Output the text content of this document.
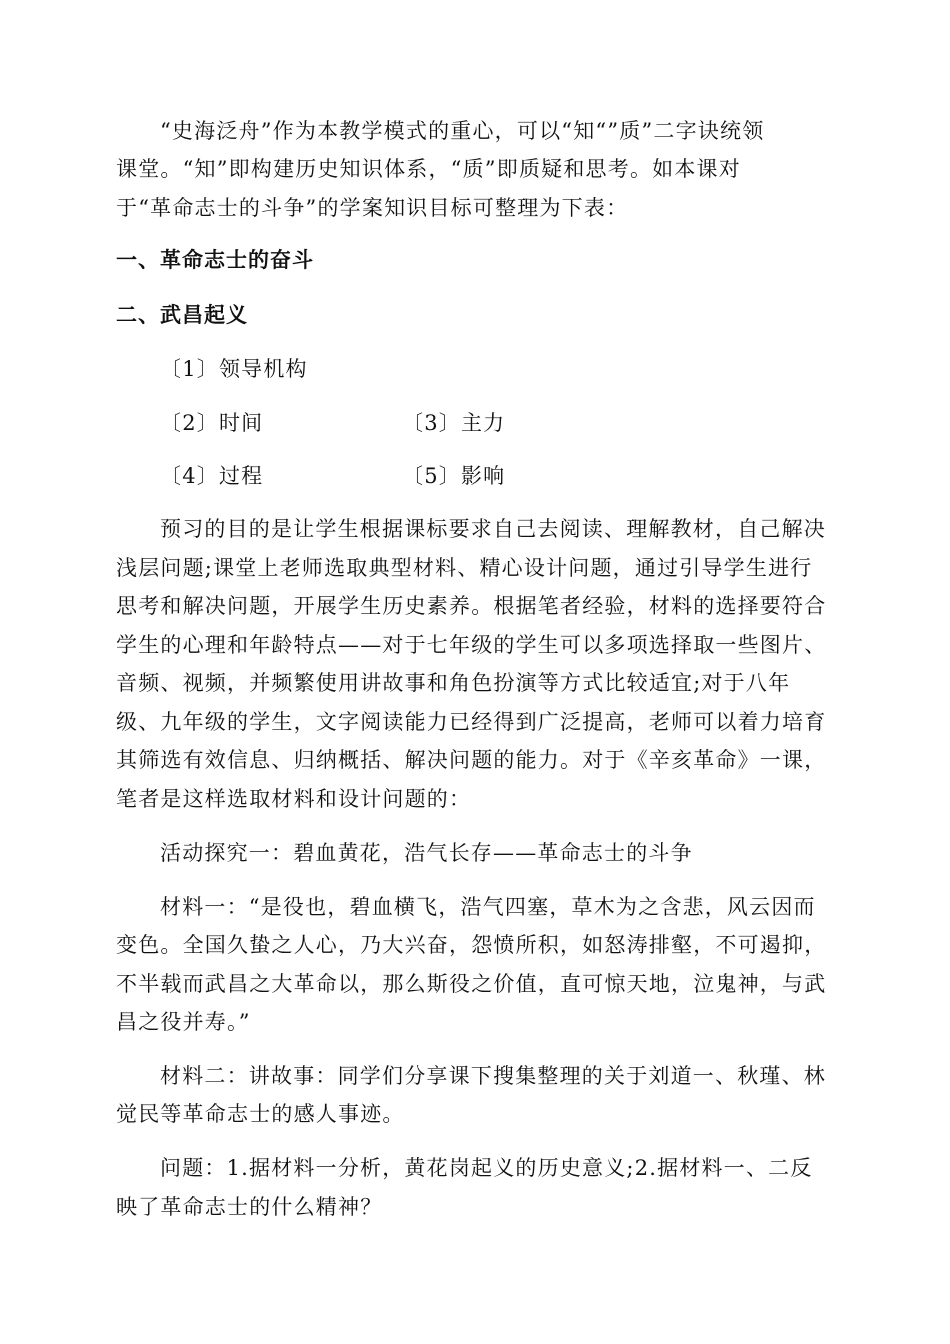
“史海泛舟”作为本教学模式的重心，可以“知“”质”二字诀统领
课堂。“知”即构建历史知识体系，“质”即质疑和思考。如本课对
于“革命志士的斗争”的学案知识目标可整理为下表：
一、革命志士的奋斗
二、武昌起义
〔1〕领导机构
〔2〕时间	〔3〕主力
〔4〕过程	〔5〕影响
预习的目的是让学生根据课标要求自己去阅读、理解教材，自己解决
浅层问题;课堂上老师选取典型材料、精心设计问题，通过引导学生进行
思考和解决问题，开展学生历史素养。根据笔者经验，材料的选择要符合
学生的心理和年龄特点——对于七年级的学生可以多项选择取一些图片、
音频、视频，并频繁使用讲故事和角色扮演等方式比较适宜;对于八年
级、九年级的学生，文字阅读能力已经得到广泛提高，老师可以着力培育
其筛选有效信息、归纳概括、解决问题的能力。对于《辛亥革命》一课，
笔者是这样选取材料和设计问题的：
活动探究一：碧血黄花，浩气长存——革命志士的斗争
材料一：“是役也，碧血横飞，浩气四塞，草木为之含悲，风云因而
变色。全国久蛰之人心，乃大兴奋，怨愤所积，如怒涛排壑，不可遏抑，
不半载而武昌之大革命以，那么斯役之价值，直可惊天地，泣鬼神，与武
昌之役并寿。”
材料二：讲故事：同学们分享课下搜集整理的关于刘道一、秋瑾、林
觉民等革命志士的感人事迹。
问题：1.据材料一分析，黄花岗起义的历史意义;2.据材料一、二反
映了革命志士的什么精神？
